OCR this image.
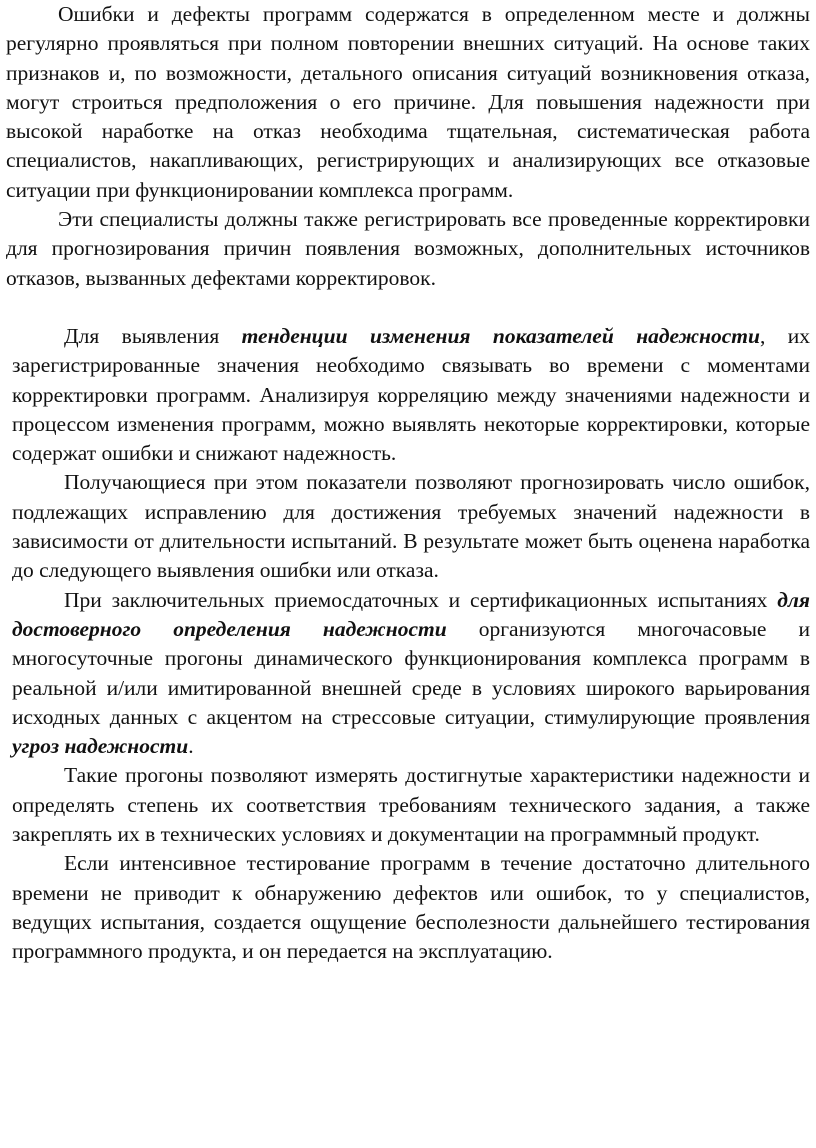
Ошибки и дефекты программ содержатся в определенном месте и должны регулярно проявляться при полном повторении внешних ситуаций. На основе таких признаков и, по возможности, детального описания ситуаций возникновения отказа, могут строиться предположения о его причине. Для повышения надежности при высокой наработке на отказ необходима тщательная, систематическая работа специалистов, накапливающих, регистрирующих и анализирующих все отказовые ситуации при функционировании комплекса программ.

Эти специалисты должны также регистрировать все проведенные корректировки для прогнозирования причин появления возможных, дополнительных источников отказов, вызванных дефектами корректировок.

Для выявления тенденции изменения показателей надежности, их зарегистрированные значения необходимо связывать во времени с моментами корректировки программ. Анализируя корреляцию между значениями надежности и процессом изменения программ, можно выявлять некоторые корректировки, которые содержат ошибки и снижают надежность.

Получающиеся при этом показатели позволяют прогнозировать число ошибок, подлежащих исправлению для достижения требуемых значений надежности в зависимости от длительности испытаний. В результате может быть оценена наработка до следующего выявления ошибки или отказа.

При заключительных приемосдаточных и сертификационных испытаниях для достоверного определения надежности организуются многочасовые и многосуточные прогоны динамического функционирования комплекса программ в реальной и/или имитированной внешней среде в условиях широкого варьирования исходных данных с акцентом на стрессовые ситуации, стимулирующие проявления угроз надежности.

Такие прогоны позволяют измерять достигнутые характеристики надежности и определять степень их соответствия требованиям технического задания, а также закреплять их в технических условиях и документации на программный продукт.

Если интенсивное тестирование программ в течение достаточно длительного времени не приводит к обнаружению дефектов или ошибок, то у специалистов, ведущих испытания, создается ощущение бесполезности дальнейшего тестирования программного продукта, и он передается на эксплуатацию.
